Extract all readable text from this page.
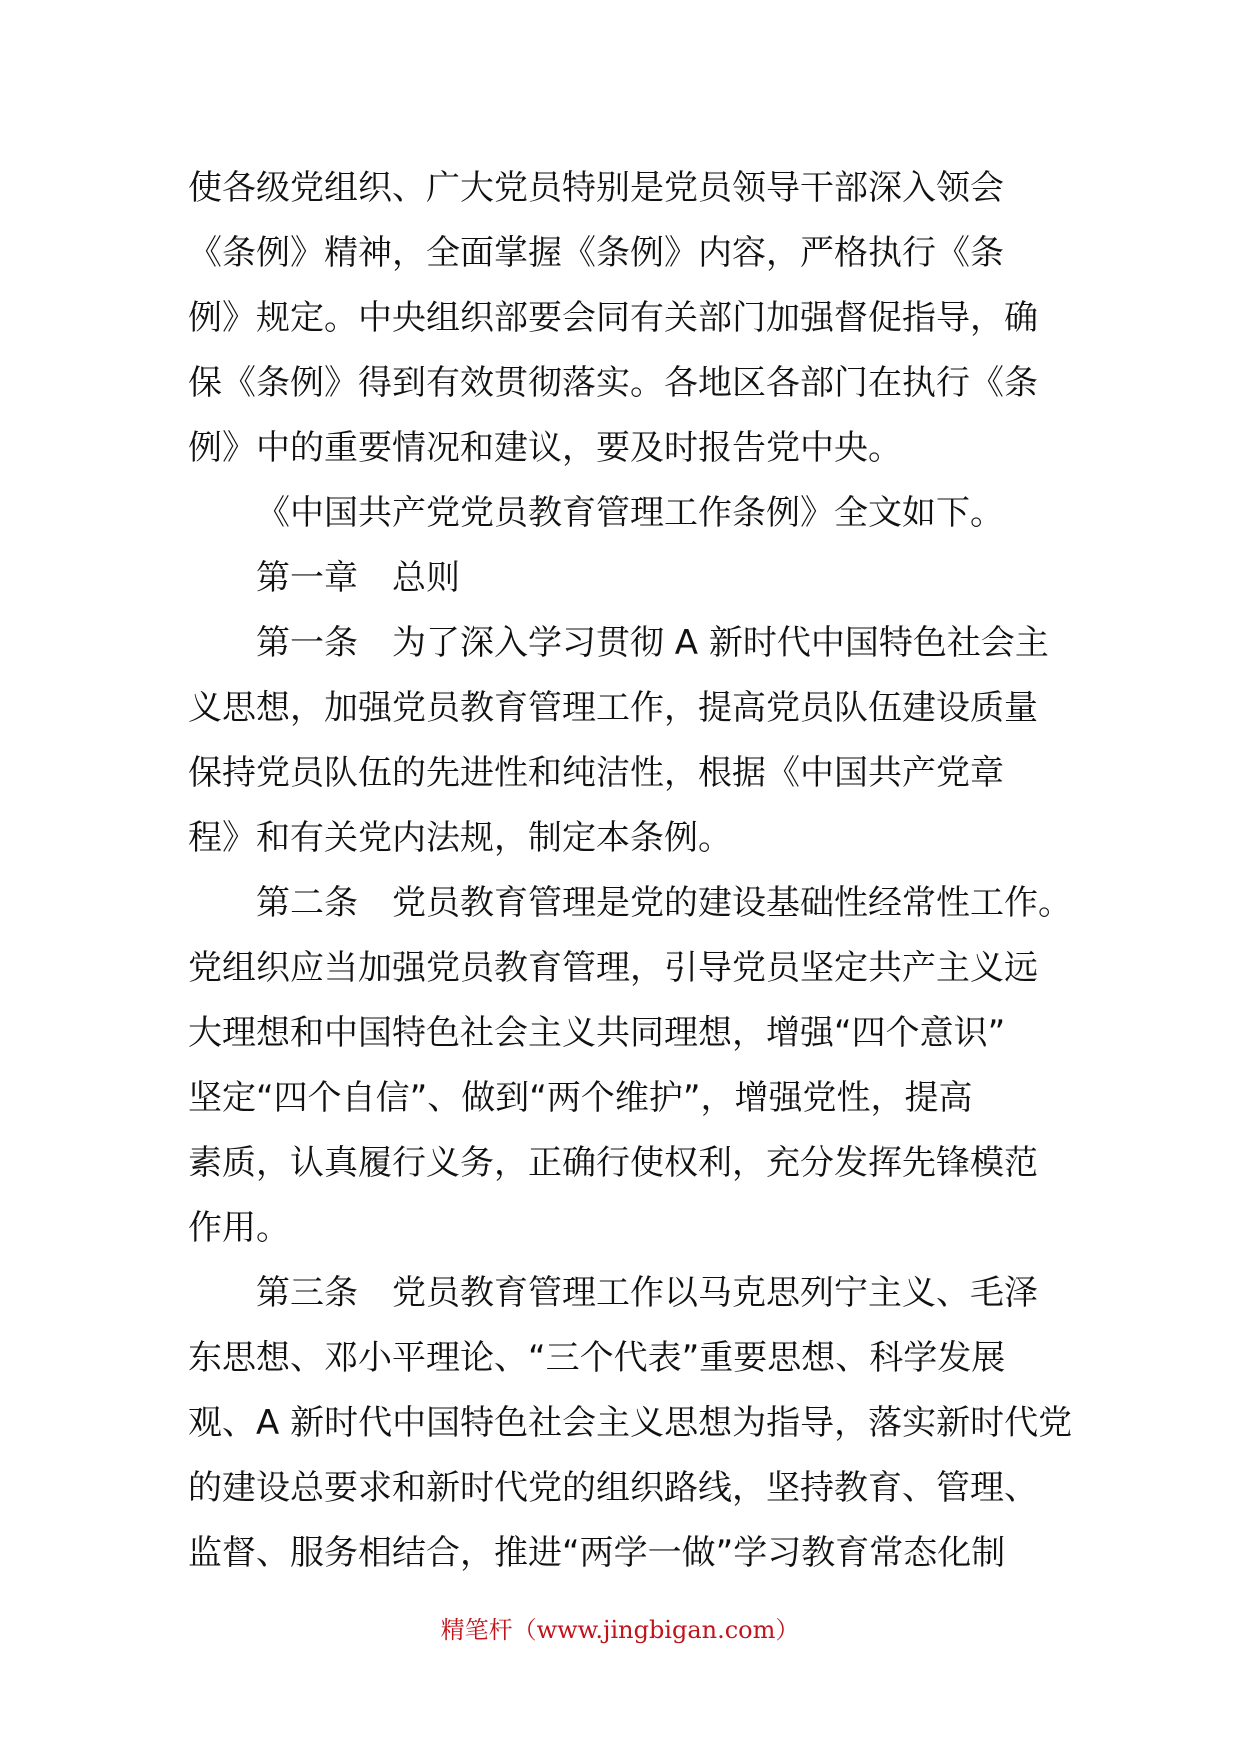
使各级党组织、广大党员特别是党员领导干部深入领会
《条例》精神，全面掌握《条例》内容，严格执行《条
例》规定。中央组织部要会同有关部门加强督促指导，确
保《条例》得到有效贯彻落实。各地区各部门在执行《条
例》中的重要情况和建议，要及时报告党中央。
《中国共产党党员教育管理工作条例》全文如下。
第一章　总则
第一条　为了深入学习贯彻 A 新时代中国特色社会主
义思想，加强党员教育管理工作，提高党员队伍建设质量
保持党员队伍的先进性和纯洁性，根据《中国共产党章
程》和有关党内法规，制定本条例。
第二条　党员教育管理是党的建设基础性经常性工作。
党组织应当加强党员教育管理，引导党员坚定共产主义远
大理想和中国特色社会主义共同理想，增强“四个意识”
坚定“四个自信”、做到“两个维护”，增强党性，提高
素质，认真履行义务，正确行使权利，充分发挥先锋模范
作用。
第三条　党员教育管理工作以马克思列宁主义、毛泽
东思想、邓小平理论、“三个代表”重要思想、科学发展
观、A 新时代中国特色社会主义思想为指导，落实新时代党
的建设总要求和新时代党的组织路线，坚持教育、管理、
监督、服务相结合，推进“两学一做”学习教育常态化制
精笔杆（www.jingbigan.com）
